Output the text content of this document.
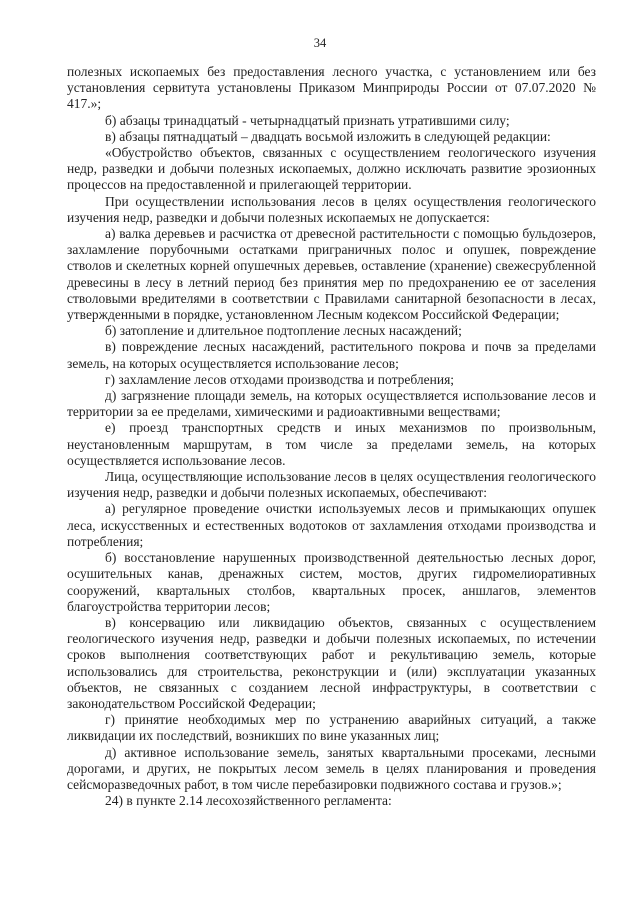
34

полезных ископаемых без предоставления лесного участка, с установлением или без установления сервитута установлены Приказом Минприроды России от 07.07.2020 № 417.»;

б) абзацы тринадцатый - четырнадцатый признать утратившими силу;

в) абзацы пятнадцатый – двадцать восьмой изложить в следующей редакции:

«Обустройство объектов, связанных с осуществлением геологического изучения недр, разведки и добычи полезных ископаемых, должно исключать развитие эрозионных процессов на предоставленной и прилегающей территории.

При осуществлении использования лесов в целях осуществления геологического изучения недр, разведки и добычи полезных ископаемых не допускается:

а) валка деревьев и расчистка от древесной растительности с помощью бульдозеров, захламление порубочными остатками приграничных полос и опушек, повреждение стволов и скелетных корней опушечных деревьев, оставление (хранение) свежесрубленной древесины в лесу в летний период без принятия мер по предохранению ее от заселения стволовыми вредителями в соответствии с Правилами санитарной безопасности в лесах, утвержденными в порядке, установленном Лесным кодексом Российской Федерации;

б) затопление и длительное подтопление лесных насаждений;

в) повреждение лесных насаждений, растительного покрова и почв за пределами земель, на которых осуществляется использование лесов;

г) захламление лесов отходами производства и потребления;

д) загрязнение площади земель, на которых осуществляется использование лесов и территории за ее пределами, химическими и радиоактивными веществами;

е) проезд транспортных средств и иных механизмов по произвольным, неустановленным маршрутам, в том числе за пределами земель, на которых осуществляется использование лесов.

Лица, осуществляющие использование лесов в целях осуществления геологического изучения недр, разведки и добычи полезных ископаемых, обеспечивают:

а) регулярное проведение очистки используемых лесов и примыкающих опушек леса, искусственных и естественных водотоков от захламления отходами производства и потребления;

б) восстановление нарушенных производственной деятельностью лесных дорог, осушительных канав, дренажных систем, мостов, других гидромелиоративных сооружений, квартальных столбов, квартальных просек, аншлагов, элементов благоустройства территории лесов;

в) консервацию или ликвидацию объектов, связанных с осуществлением геологического изучения недр, разведки и добычи полезных ископаемых, по истечении сроков выполнения соответствующих работ и рекультивацию земель, которые использовались для строительства, реконструкции и (или) эксплуатации указанных объектов, не связанных с созданием лесной инфраструктуры, в соответствии с законодательством Российской Федерации;

г) принятие необходимых мер по устранению аварийных ситуаций, а также ликвидации их последствий, возникших по вине указанных лиц;

д) активное использование земель, занятых квартальными просеками, лесными дорогами, и других, не покрытых лесом земель в целях планирования и проведения сейсморазведочных работ, в том числе перебазировки подвижного состава и грузов.»;

24) в пункте 2.14 лесохозяйственного регламента:
